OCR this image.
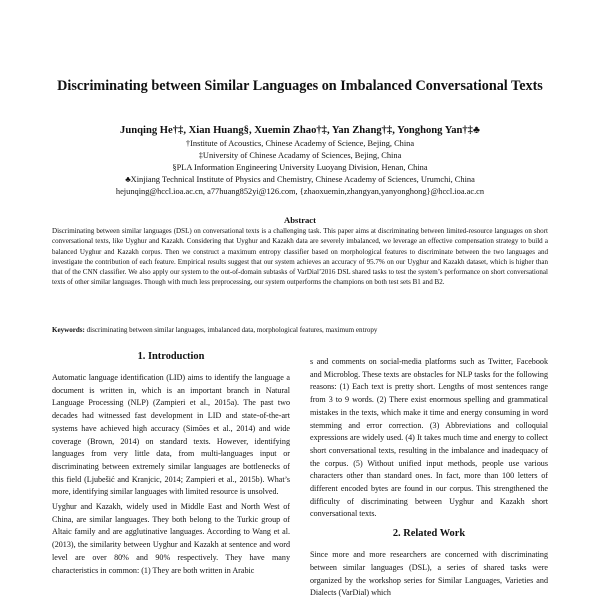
Discriminating between Similar Languages on Imbalanced Conversational Texts
Junqing He†‡, Xian Huang§, Xuemin Zhao†‡, Yan Zhang†‡, Yonghong Yan†‡♣
†Institute of Acoustics, Chinese Academy of Science, Bejing, China
‡University of Chinese Acadamy of Sciences, Bejing, China
§PLA Information Engineering University Luoyang Division, Henan, China
♣Xinjiang Technical Institute of Physics and Chemistry, Chinese Academy of Sciences, Urumchi, China
hejunqing@hccl.ioa.ac.cn, a77huang852yi@126.com, {zhaoxuemin,zhangyan,yanyonghong}@hccl.ioa.ac.cn
Abstract
Discriminating between similar languages (DSL) on conversational texts is a challenging task. This paper aims at discriminating between limited-resource languages on short conversational texts, like Uyghur and Kazakh. Considering that Uyghur and Kazakh data are severely imbalanced, we leverage an effective compensation strategy to build a balanced Uyghur and Kazakh corpus. Then we construct a maximum entropy classifier based on morphological features to discriminate between the two languages and investigate the contribution of each feature. Empirical results suggest that our system achieves an accuracy of 95.7% on our Uyghur and Kazakh dataset, which is higher than that of the CNN classifier. We also apply our system to the out-of-domain subtasks of VarDial’2016 DSL shared tasks to test the system’s performance on short conversational texts of other similar languages. Though with much less preprocessing, our system outperforms the champions on both test sets B1 and B2.
Keywords: discriminating between similar languages, imbalanced data, morphological features, maximum entropy
1. Introduction
Automatic language identification (LID) aims to identify the language a document is written in, which is an important branch in Natural Language Processing (NLP) (Zampieri et al., 2015a). The past two decades had witnessed fast development in LID and state-of-the-art systems have achieved high accuracy (Simões et al., 2014) and wide coverage (Brown, 2014) on standard texts. However, identifying languages from very little data, from multi-languages input or discriminating between extremely similar languages are bottlenecks of this field (Ljubešić and Kranjcic, 2014; Zampieri et al., 2015b). What’s more, identifying similar languages with limited resource is unsolved.
Uyghur and Kazakh, widely used in Middle East and North West of China, are similar languages. They both belong to the Turkic group of Altaic family and are agglutinative languages. According to Wang et al. (2013), the similarity between Uyghur and Kazakh at sentence and word level are over 80% and 90% respectively. They have many characteristics in common: (1) They are both written in Arabic
s and comments on social-media platforms such as Twitter, Facebook and Microblog. These texts are obstacles for NLP tasks for the following reasons: (1) Each text is pretty short. Lengths of most sentences range from 3 to 9 words. (2) There exist enormous spelling and grammatical mistakes in the texts, which make it time and energy consuming in word stemming and error correction. (3) Abbreviations and colloquial expressions are widely used. (4) It takes much time and energy to collect short conversational texts, resulting in the imbalance and inadequacy of the corpus. (5) Without unified input methods, people use various characters other than standard ones. In fact, more than 100 letters of different encoded bytes are found in our corpus. This strengthened the difficulty of discriminating between Uyghur and Kazakh short conversational texts.
2. Related Work
Since more and more researchers are concerned with discriminating between similar languages (DSL), a series of shared tasks were organized by the workshop series for Similar Languages, Varieties and Dialects (VarDial) which
